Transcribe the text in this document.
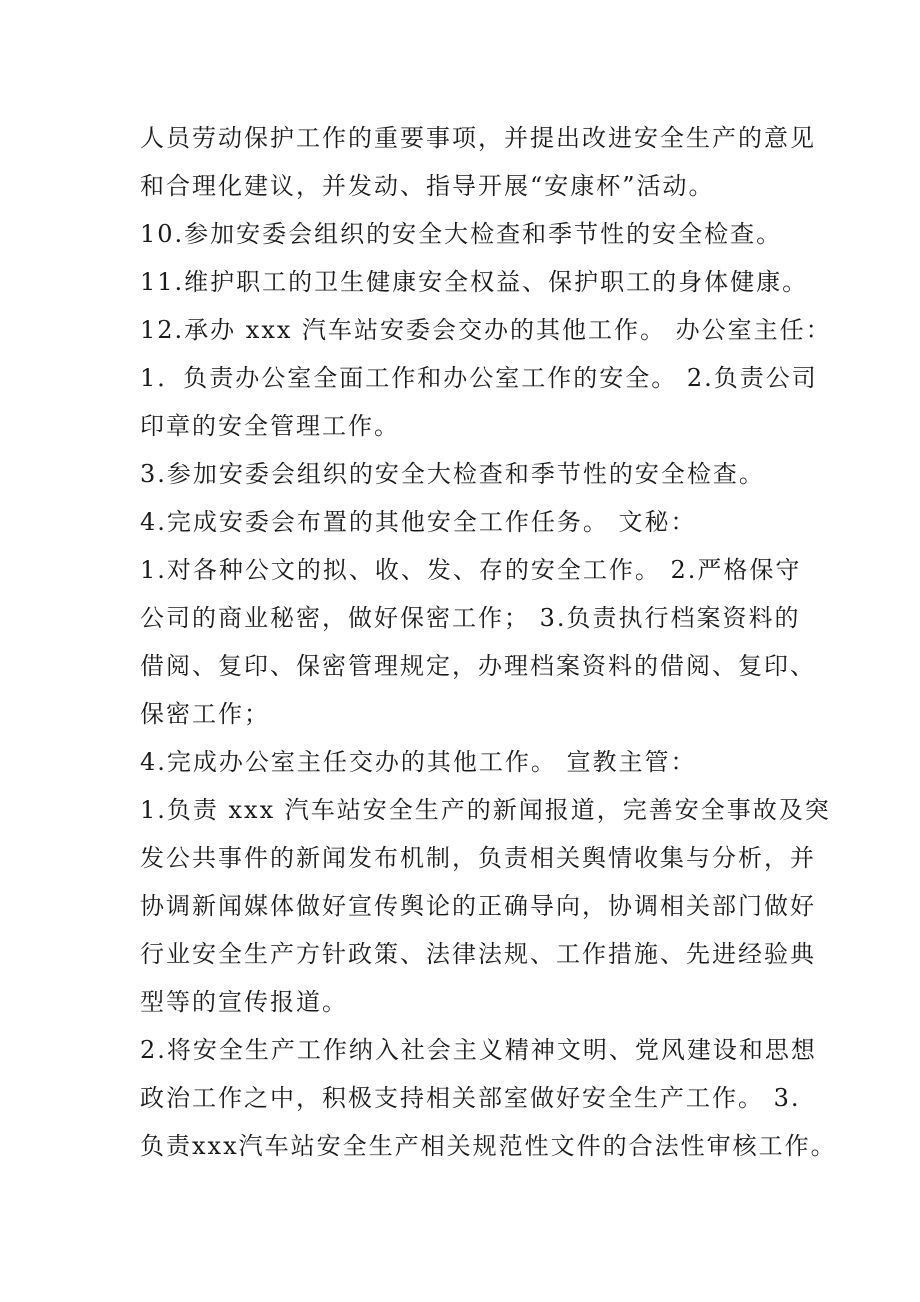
人员劳动保护工作的重要事项，并提出改进安全生产的意见
和合理化建议，并发动、指导开展“安康杯”活动。
10.参加安委会组织的安全大检查和季节性的安全检查。
11.维护职工的卫生健康安全权益、保护职工的身体健康。
12.承办 xxx 汽车站安委会交办的其他工作。 办公室主任：
1．负责办公室全面工作和办公室工作的安全。 2.负责公司
印章的安全管理工作。
3.参加安委会组织的安全大检查和季节性的安全检查。
4.完成安委会布置的其他安全工作任务。 文秘：
1.对各种公文的拟、收、发、存的安全工作。 2.严格保守
公司的商业秘密，做好保密工作； 3.负责执行档案资料的
借阅、复印、保密管理规定，办理档案资料的借阅、复印、
保密工作；
4.完成办公室主任交办的其他工作。 宣教主管：
1.负责 xxx 汽车站安全生产的新闻报道，完善安全事故及突
发公共事件的新闻发布机制，负责相关舆情收集与分析，并
协调新闻媒体做好宣传舆论的正确导向，协调相关部门做好
行业安全生产方针政策、法律法规、工作措施、先进经验典
型等的宣传报道。
2.将安全生产工作纳入社会主义精神文明、党风建设和思想
政治工作之中，积极支持相关部室做好安全生产工作。 3.
负责xxx汽车站安全生产相关规范性文件的合法性审核工作。
